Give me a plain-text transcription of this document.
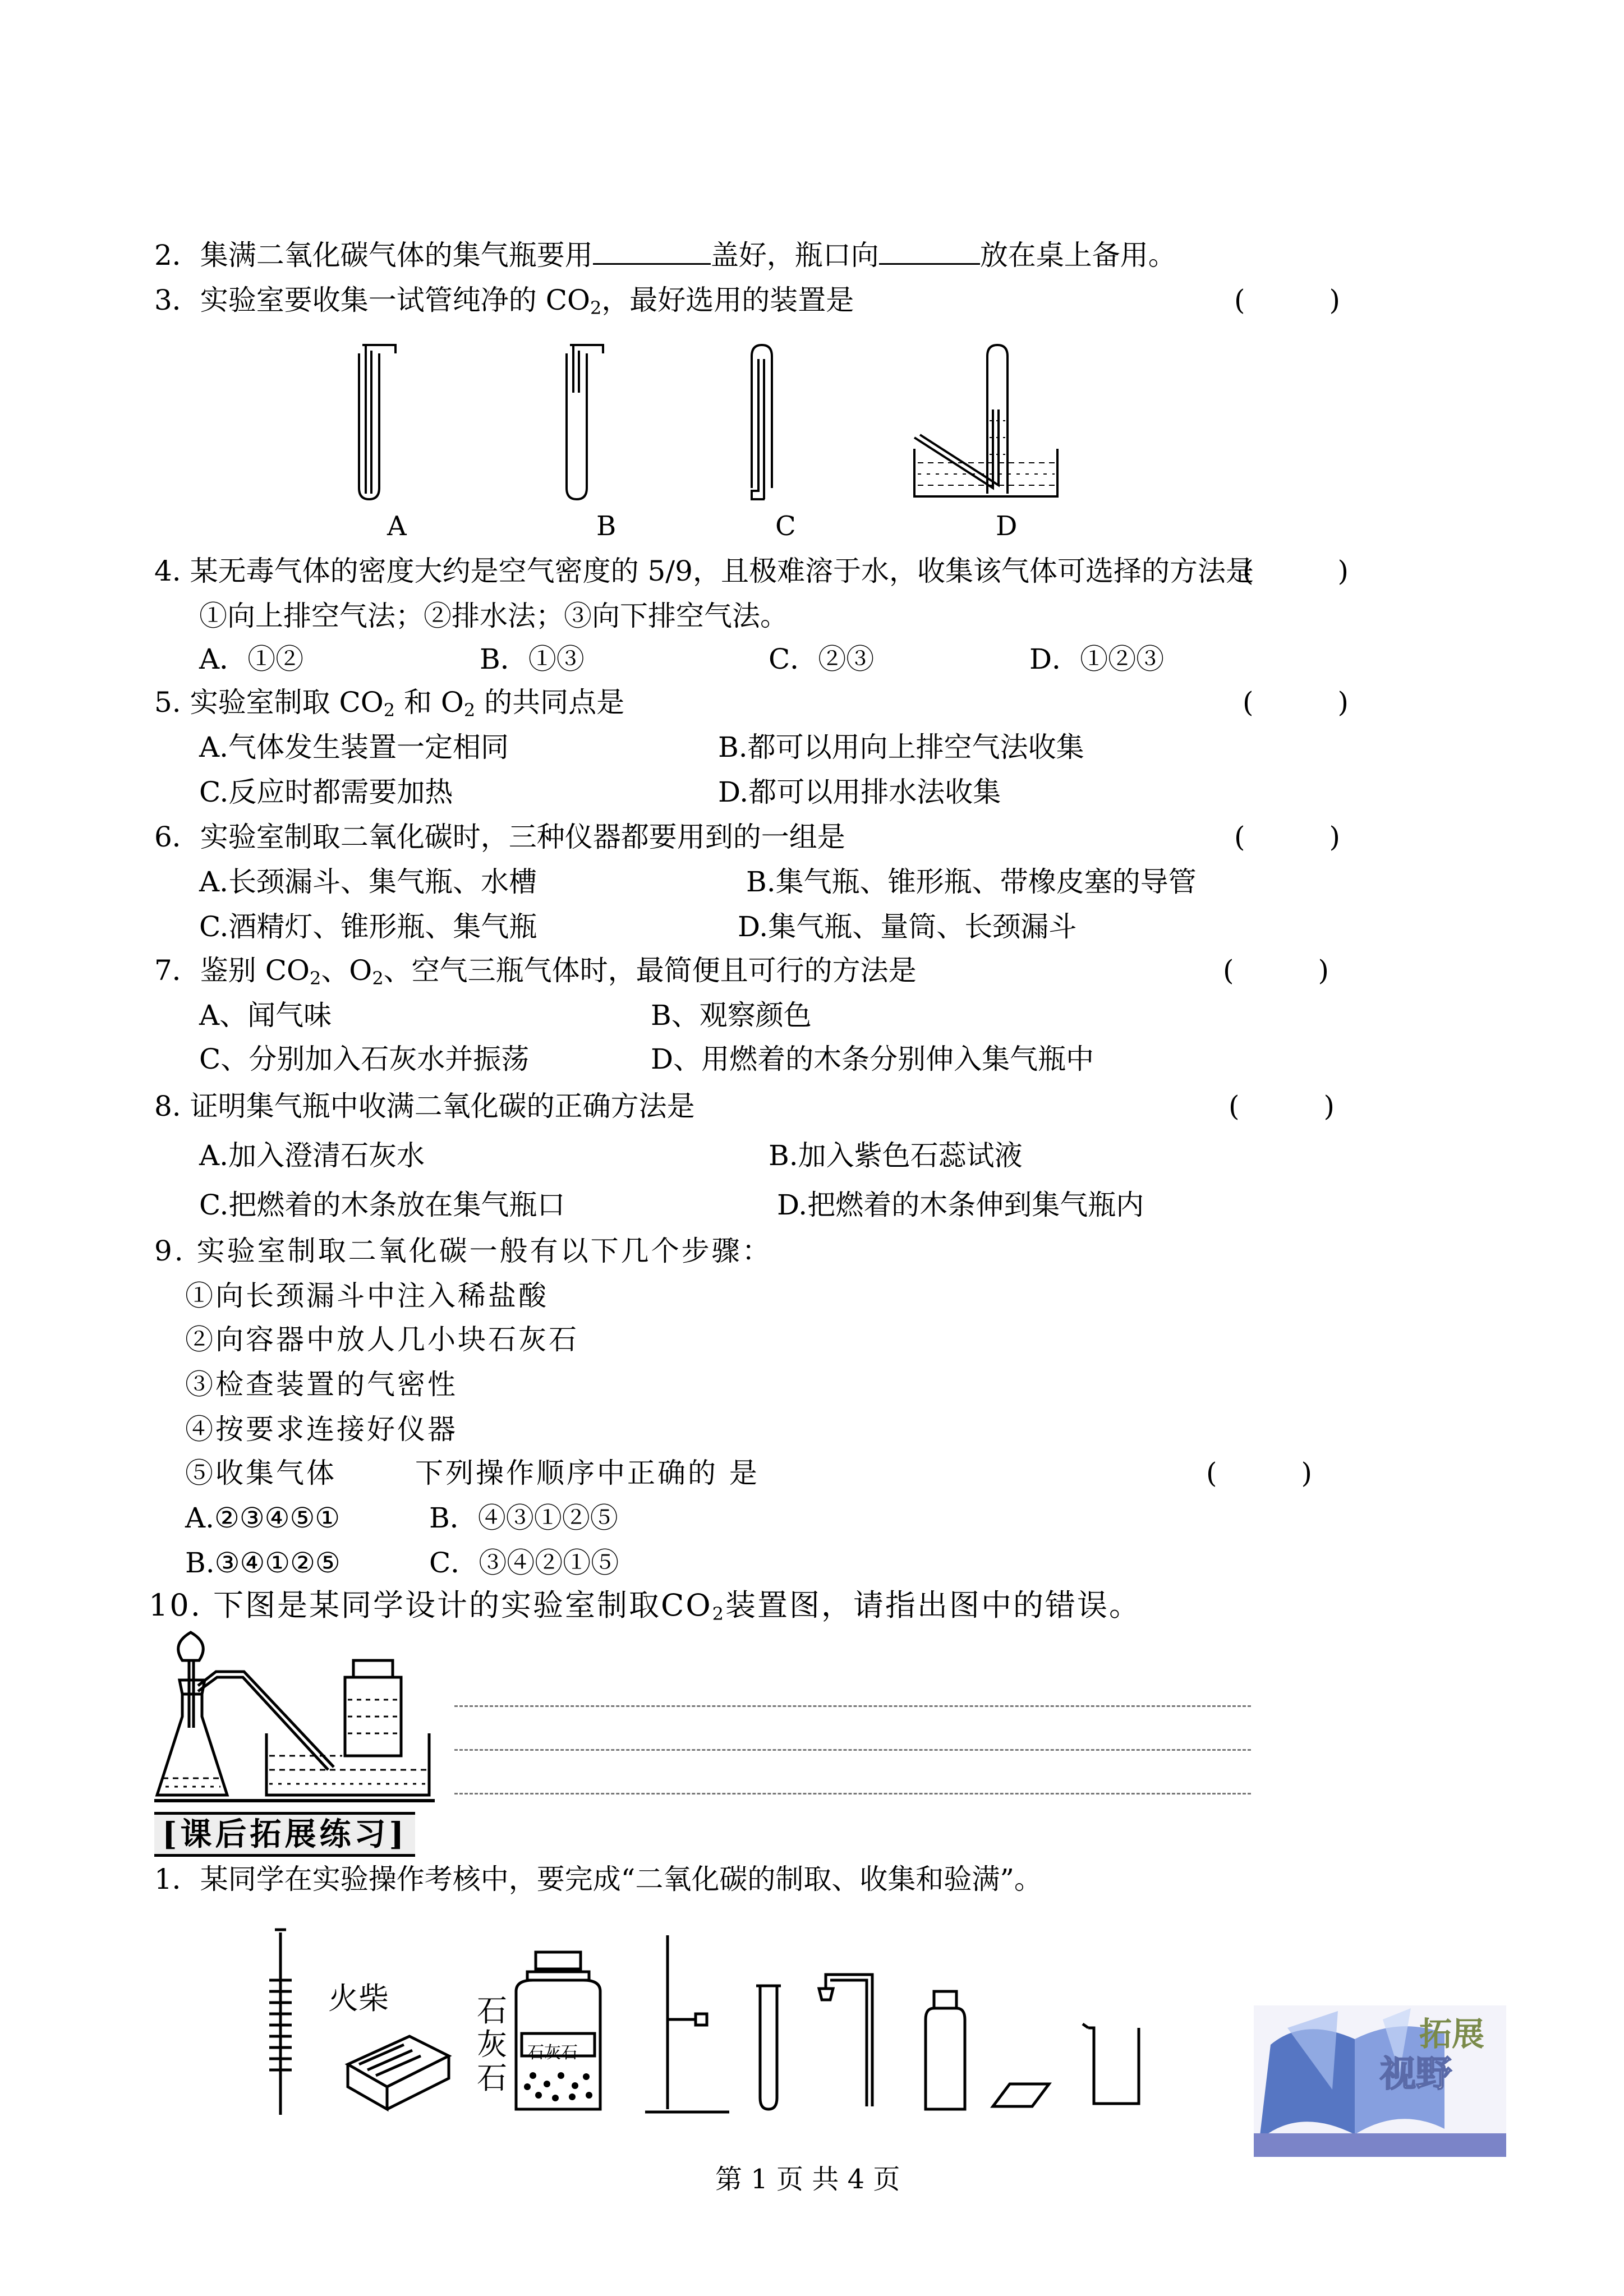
2．集满二氧化碳气体的集气瓶要用	盖好，瓶口向	放在桌上备用。
3．实验室要收集一试管纯净的 $CO_2$，最好选用的装置是	(　　　)
A	B	C	D
4. 某无毒气体的密度大约是空气密度的 5/9，且极难溶于水，收集该气体可选择的方法是
(　　　)
①向上排空气法；②排水法；③向下排空气法。
A．①②	B．①③	C．②③	D．①②③
5. 实验室制取 $CO_2$ 和 $O_2$ 的共同点是	(　　　)
A.气体发生装置一定相同	B.都可以用向上排空气法收集
C.反应时都需要加热	D.都可以用排水法收集
6．实验室制取二氧化碳时，三种仪器都要用到的一组是	(　　　)
A.长颈漏斗、集气瓶、水槽	B.集气瓶、锥形瓶、带橡皮塞的导管
C.酒精灯、锥形瓶、集气瓶	D.集气瓶、量筒、长颈漏斗
7．鉴别 $CO_2$、$O_2$、空气三瓶气体时，最简便且可行的方法是	(　　　)
A、闻气味	B、观察颜色
C、分别加入石灰水并振荡	D、用燃着的木条分别伸入集气瓶中
8. 证明集气瓶中收满二氧化碳的正确方法是	(　　　)
A.加入澄清石灰水	B.加入紫色石蕊试液
C.把燃着的木条放在集气瓶口	D.把燃着的木条伸到集气瓶内
9. 实验室制取二氧化碳一般有以下几个步骤：
①向长颈漏斗中注入稀盐酸
②向容器中放人几小块石灰石
③检查装置的气密性
④按要求连接好仪器
⑤收集气体	下列操作顺序中正确的 是	(　　　)
A.②③④⑤①	B．④③①②⑤
B.③④①②⑤	C．③④②①⑤
10. 下图是某同学设计的实验室制取$CO_2$装置图，请指出图中的错误。
[课后拓展练习]
1．某同学在实验操作考核中，要完成“二氧化碳的制取、收集和验满”。
火柴	石灰石
石灰石	拓展
视野
第 1 页 共 4 页
